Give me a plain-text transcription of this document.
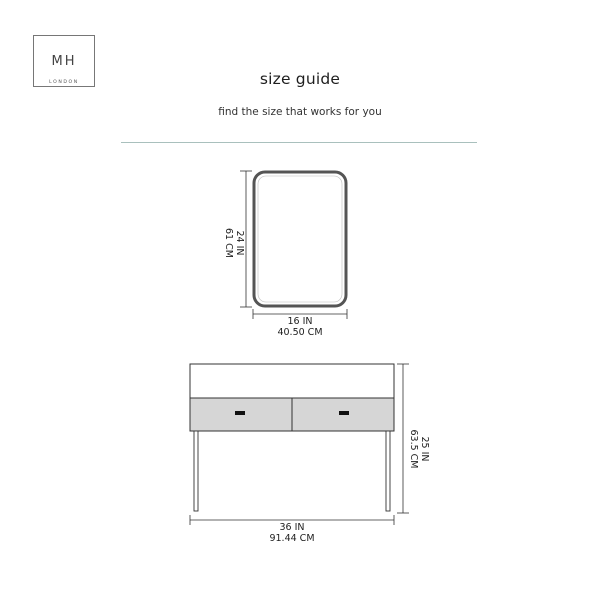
MH
LONDON	size guide
find the size that works for you
24 IN
61 CM
16 IN
40.50 CM
25 IN
63.5 CM
36 IN
91.44 CM
